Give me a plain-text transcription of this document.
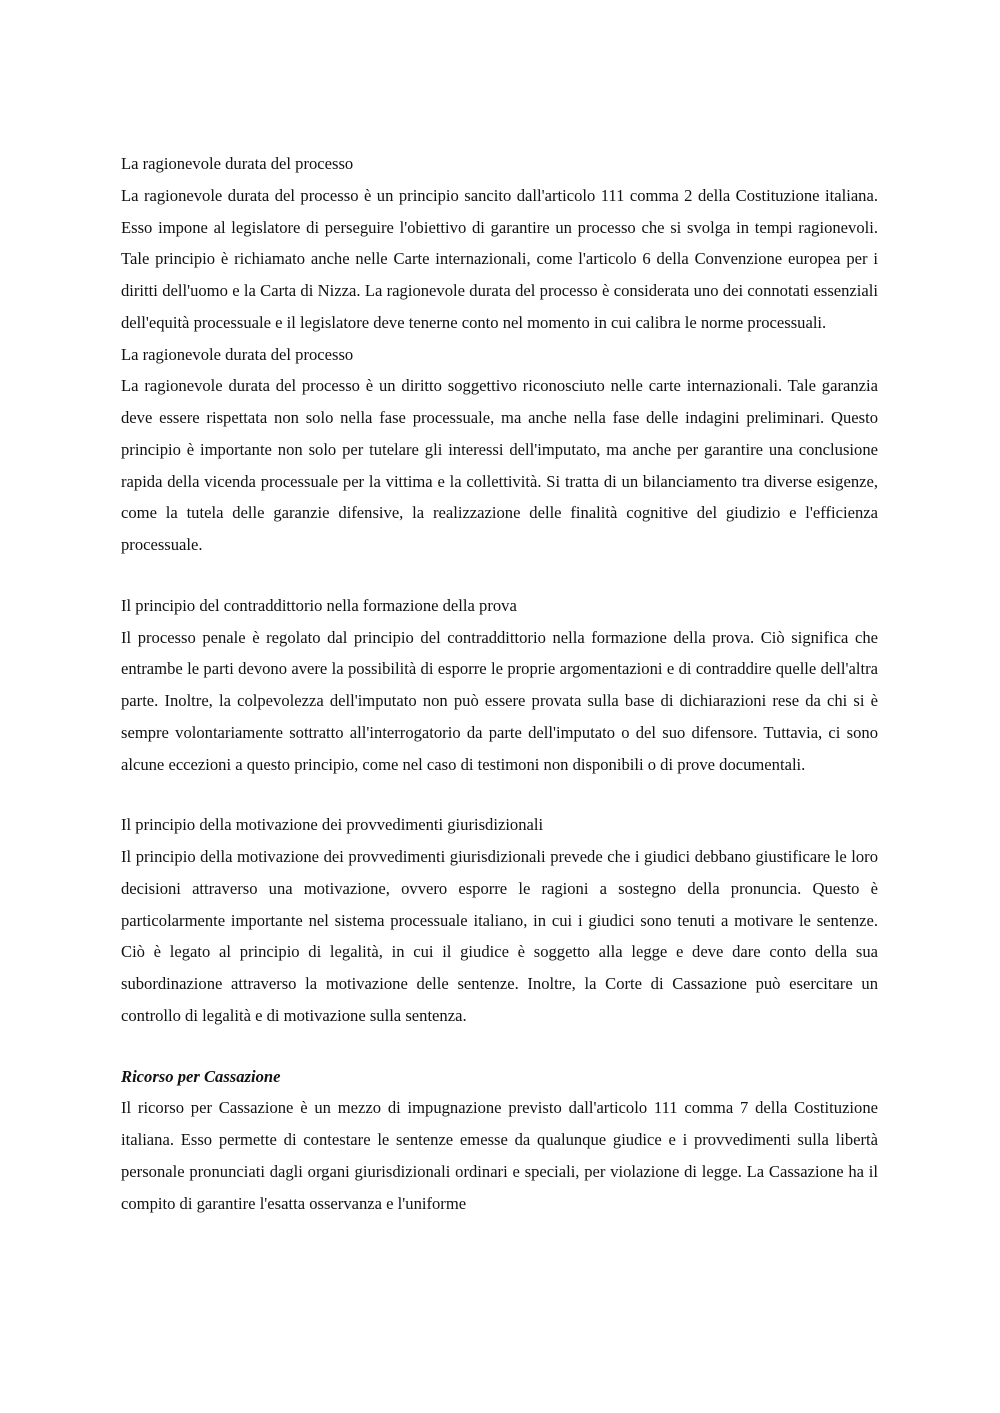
La ragionevole durata del processo

La ragionevole durata del processo è un principio sancito dall'articolo 111 comma 2 della Costituzione italiana. Esso impone al legislatore di perseguire l'obiettivo di garantire un processo che si svolga in tempi ragionevoli. Tale principio è richiamato anche nelle Carte internazionali, come l'articolo 6 della Convenzione europea per i diritti dell'uomo e la Carta di Nizza. La ragionevole durata del processo è considerata uno dei connotati essenziali dell'equità processuale e il legislatore deve tenerne conto nel momento in cui calibra le norme processuali.

La ragionevole durata del processo

La ragionevole durata del processo è un diritto soggettivo riconosciuto nelle carte internazionali. Tale garanzia deve essere rispettata non solo nella fase processuale, ma anche nella fase delle indagini preliminari. Questo principio è importante non solo per tutelare gli interessi dell'imputato, ma anche per garantire una conclusione rapida della vicenda processuale per la vittima e la collettività. Si tratta di un bilanciamento tra diverse esigenze, come la tutela delle garanzie difensive, la realizzazione delle finalità cognitive del giudizio e l'efficienza processuale.

Il principio del contraddittorio nella formazione della prova

Il processo penale è regolato dal principio del contraddittorio nella formazione della prova. Ciò significa che entrambe le parti devono avere la possibilità di esporre le proprie argomentazioni e di contraddire quelle dell'altra parte. Inoltre, la colpevolezza dell'imputato non può essere provata sulla base di dichiarazioni rese da chi si è sempre volontariamente sottratto all'interrogatorio da parte dell'imputato o del suo difensore. Tuttavia, ci sono alcune eccezioni a questo principio, come nel caso di testimoni non disponibili o di prove documentali.

Il principio della motivazione dei provvedimenti giurisdizionali

Il principio della motivazione dei provvedimenti giurisdizionali prevede che i giudici debbano giustificare le loro decisioni attraverso una motivazione, ovvero esporre le ragioni a sostegno della pronuncia. Questo è particolarmente importante nel sistema processuale italiano, in cui i giudici sono tenuti a motivare le sentenze. Ciò è legato al principio di legalità, in cui il giudice è soggetto alla legge e deve dare conto della sua subordinazione attraverso la motivazione delle sentenze. Inoltre, la Corte di Cassazione può esercitare un controllo di legalità e di motivazione sulla sentenza.

Ricorso per Cassazione

Il ricorso per Cassazione è un mezzo di impugnazione previsto dall'articolo 111 comma 7 della Costituzione italiana. Esso permette di contestare le sentenze emesse da qualunque giudice e i provvedimenti sulla libertà personale pronunciati dagli organi giurisdizionali ordinari e speciali, per violazione di legge. La Cassazione ha il compito di garantire l'esatta osservanza e l'uniforme
